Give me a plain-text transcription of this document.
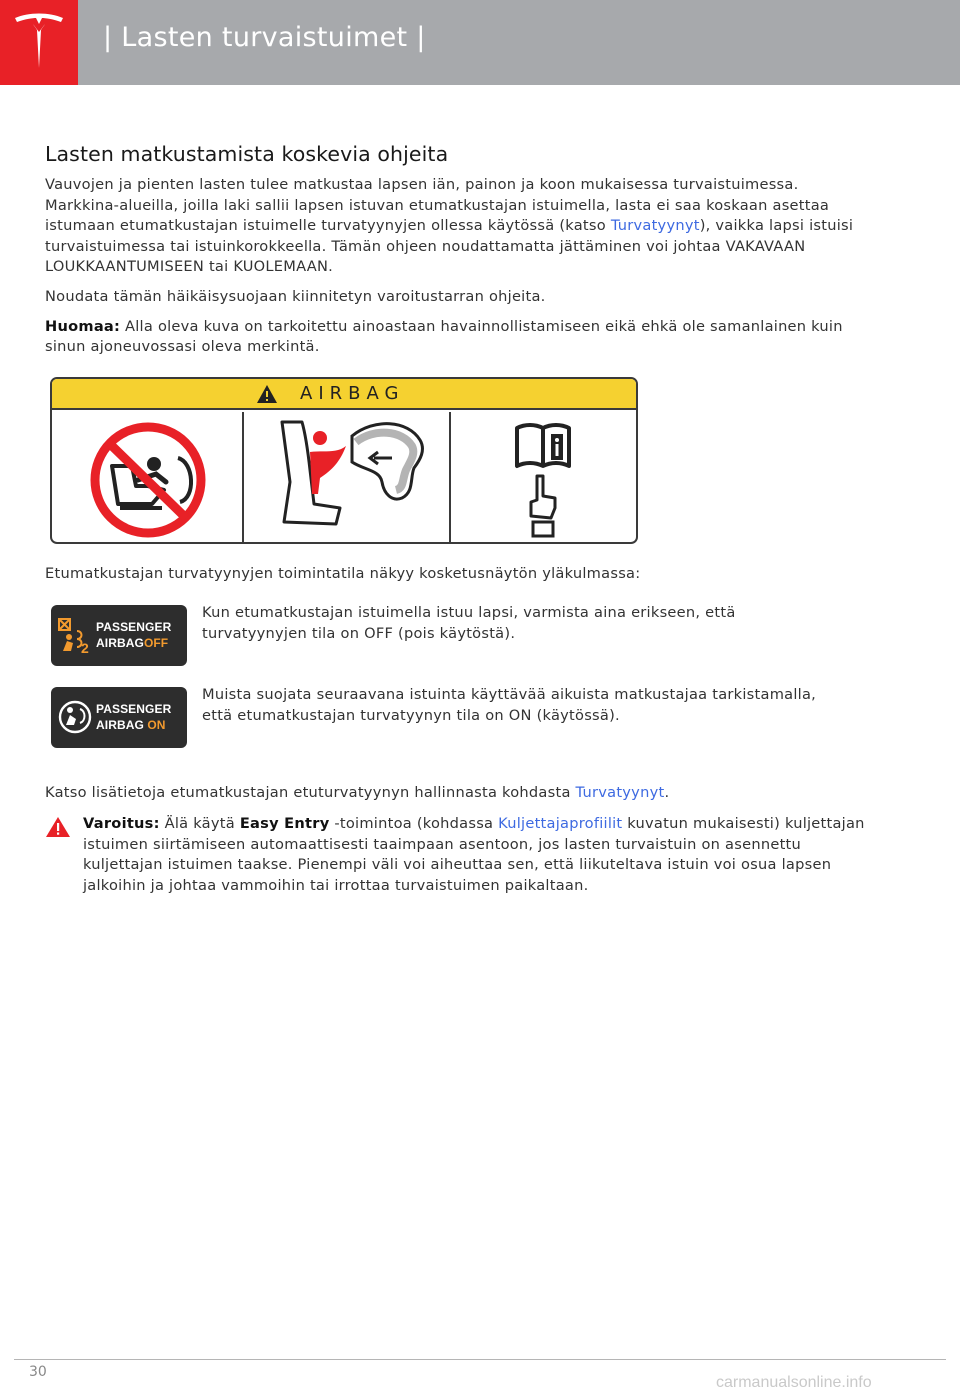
| Lasten turvaistuimet |
Lasten matkustamista koskevia ohjeita

Vauvojen ja pienten lasten tulee matkustaa lapsen iän, painon ja koon mukaisessa turvaistuimessa. Markkina-alueilla, joilla laki sallii lapsen istuvan etumatkustajan istuimella, lasta ei saa koskaan asettaa istumaan etumatkustajan istuimelle turvatyynyjen ollessa käytössä (katso Turvatyynyt), vaikka lapsi istuisi turvaistuimessa tai istuinkorokkeella. Tämän ohjeen noudattamatta jättäminen voi johtaa VAKAVAAN LOUKKAANTUMISEEN tai KUOLEMAAN.

Noudata tämän häikäisysuojaan kiinnitetyn varoitustarran ohjeita.

Huomaa: Alla oleva kuva on tarkoitettu ainoastaan havainnollistamiseen eikä ehkä ole samanlainen kuin sinun ajoneuvossasi oleva merkintä.

AIRBAG

Etumatkustajan turvatyynyjen toimintatila näkyy kosketusnäytön yläkulmassa:

2
PASSENGER
AIRBAGOFF

Kun etumatkustajan istuimella istuu lapsi, varmista aina erikseen, että turvatyynyjen tila on OFF (pois käytöstä).

PASSENGER
AIRBAG ON

Muista suojata seuraavana istuinta käyttävää aikuista matkustajaa tarkistamalla, että etumatkustajan turvatyynyn tila on ON (käytössä).

Katso lisätietoja etumatkustajan etuturvatyynyn hallinnasta kohdasta Turvatyynyt.

Varoitus: Älä käytä Easy Entry -toimintoa (kohdassa Kuljettajaprofiilit kuvatun mukaisesti) kuljettajan istuimen siirtämiseen automaattisesti taaimpaan asentoon, jos lasten turvaistuin on asennettu kuljettajan istuimen taakse. Pienempi väli voi aiheuttaa sen, että liikuteltava istuin voi osua lapsen jalkoihin ja johtaa vammoihin tai irrottaa turvaistuimen paikaltaan.

30
carmanualsonline.info
